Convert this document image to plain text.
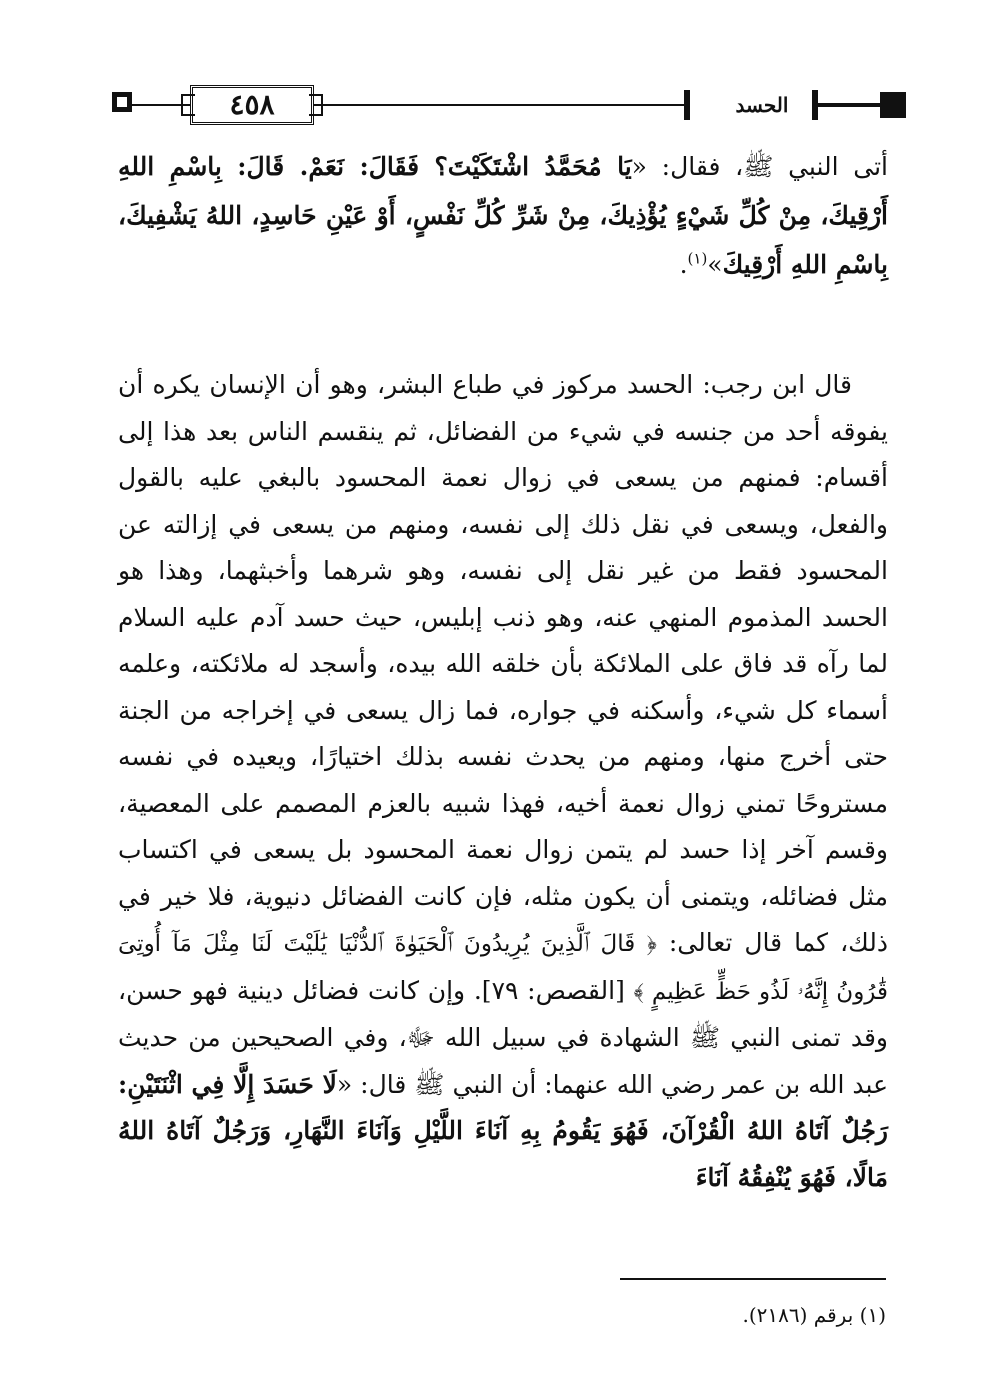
٤٥٨	الحسد
أتى النبي ﷺ، فقال: «يَا مُحَمَّدُ اشْتَكَيْتَ؟ فَقَالَ: نَعَمْ. قَالَ: بِاسْمِ اللهِ أَرْقِيكَ، مِنْ كُلِّ شَيْءٍ يُؤْذِيكَ، مِنْ شَرِّ كُلِّ نَفْسٍ، أَوْ عَيْنِ حَاسِدٍ، اللهُ يَشْفِيكَ، بِاسْمِ اللهِ أَرْقِيكَ»$^{(١)}$.
قال ابن رجب: الحسد مركوز في طباع البشر، وهو أن الإنسان يكره أن يفوقه أحد من جنسه في شيء من الفضائل، ثم ينقسم الناس بعد هذا إلى أقسام: فمنهم من يسعى في زوال نعمة المحسود بالبغي عليه بالقول والفعل، ويسعى في نقل ذلك إلى نفسه، ومنهم من يسعى في إزالته عن المحسود فقط من غير نقل إلى نفسه، وهو شرهما وأخبثهما، وهذا هو الحسد المذموم المنهي عنه، وهو ذنب إبليس، حيث حسد آدم عليه السلام لما رآه قد فاق على الملائكة بأن خلقه الله بيده، وأسجد له ملائكته، وعلمه أسماء كل شيء، وأسكنه في جواره، فما زال يسعى في إخراجه من الجنة حتى أخرج منها، ومنهم من يحدث نفسه بذلك اختيارًا، ويعيده في نفسه مستروحًا تمني زوال نعمة أخيه، فهذا شبيه بالعزم المصمم على المعصية، وقسم آخر إذا حسد لم يتمن زوال نعمة المحسود بل يسعى في اكتساب مثل فضائله، ويتمنى أن يكون مثله، فإن كانت الفضائل دنيوية، فلا خير في ذلك، كما قال تعالى: ﴿ قَالَ ٱلَّذِينَ يُرِيدُونَ ٱلْحَيَوٰةَ ٱلدُّنْيَا يَٰلَيْتَ لَنَا مِثْلَ مَآ أُوتِىَ قَٰرُونُ إِنَّهُۥ لَذُو حَظٍّ عَظِيمٍ ﴾ [القصص: ٧٩]. وإن كانت فضائل دينية فهو حسن، وقد تمنى النبي ﷺ الشهادة في سبيل الله ﷻ، وفي الصحيحين من حديث عبد الله بن عمر رضي الله عنهما: أن النبي ﷺ قال: «لَا حَسَدَ إِلَّا فِي اثْنَتَيْنِ: رَجُلٌ آتَاهُ اللهُ الْقُرْآنَ، فَهُوَ يَقُومُ بِهِ آنَاءَ اللَّيْلِ وَآنَاءَ النَّهَارِ، وَرَجُلٌ آتَاهُ اللهُ مَالًا، فَهُوَ يُنْفِقُهُ آنَاءَ
(١) برقم (٢١٨٦).
